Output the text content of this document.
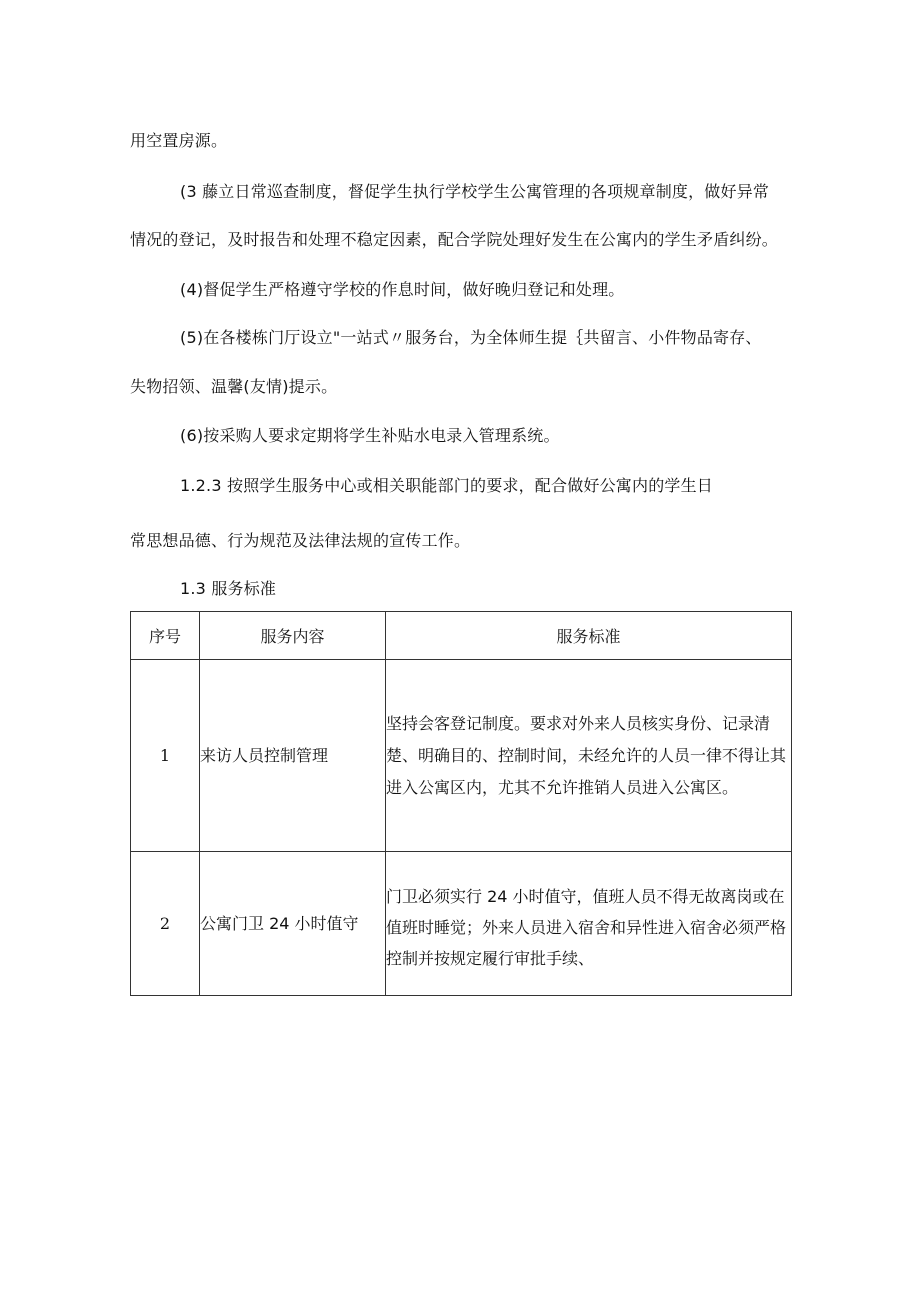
用空置房源。
(3 藤立日常巡查制度，督促学生执行学校学生公寓管理的各项规章制度，做好异常
情况的登记，及时报告和处理不稳定因素，配合学院处理好发生在公寓内的学生矛盾纠纷。
(4)督促学生严格遵守学校的作息时间，做好晚归登记和处理。
(5)在各楼栋门厅设立"一站式〃服务台，为全体师生提｛共留言、小件物品寄存、
失物招领、温馨(友情)提示。
(6)按采购人要求定期将学生补贴水电录入管理系统。
1.2.3 按照学生服务中心或相关职能部门的要求，配合做好公寓内的学生日
常思想品德、行为规范及法律法规的宣传工作。
1.3 服务标准
序号	服务内容	服务标准
1	来访人员控制管理	坚持会客登记制度。要求对外来人员核实身份、记录清楚、明确目的、控制时间，未经允许的人员一律不得让其进入公寓区内，尤其不允许推销人员进入公寓区。
2	公寓门卫 24 小时值守	门卫必须实行 24 小时值守，值班人员不得无故离岗或在值班时睡觉；外来人员进入宿舍和异性进入宿舍必须严格控制并按规定履行审批手续、
